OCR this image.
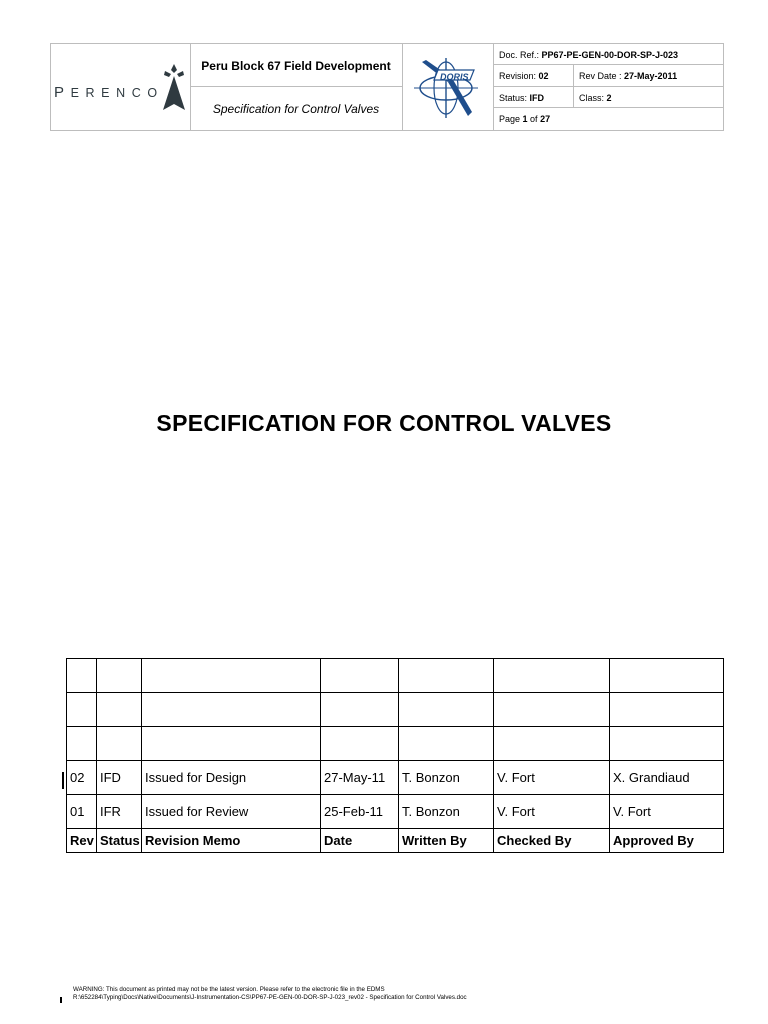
PERENCO
Peru Block 67 Field Development
Specification for Control Valves
DORIS
Doc. Ref.: PP67-PE-GEN-00-DOR-SP-J-023
Revision: 02	Rev Date : 27-May-2011
Status: IFD	Class: 2
Page 1 of 27
SPECIFICATION FOR CONTROL VALVES

02	IFD	Issued for Design	27-May-11	T. Bonzon	V. Fort	X. Grandiaud
01	IFR	Issued for Review	25-Feb-11	T. Bonzon	V. Fort	V. Fort
Rev	Status	Revision Memo	Date	Written By	Checked By	Approved By
WARNING: This document as printed may not be the latest version. Please refer to the electronic file in the EDMS
R:\652284\Typing\Docs\Native\Documents\J-Instrumentation-CS\PP67-PE-GEN-00-DOR-SP-J-023_rev02 - Specification for Control Valves.doc
